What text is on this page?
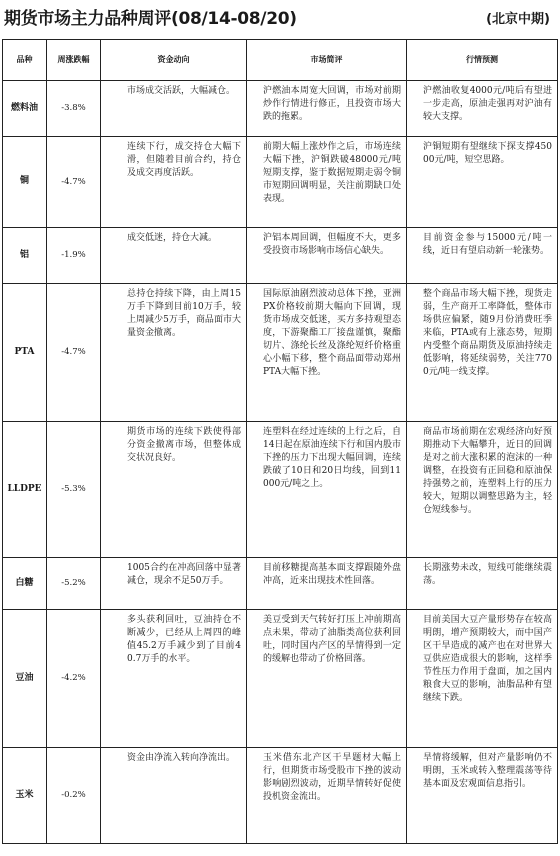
期货市场主力品种周评(08/14-08/20)	(北京中期)
品种	周涨跌幅	资金动向	市场简评	行情预测
燃料油	-3.8%	市场成交活跃，大幅减仓。	沪燃油本周宽大回调，市场对前期炒作行情进行修正，且投资市场大跌的拖累。	沪燃油收复4000元/吨后有望进一步走高，原油走强再对沪油有较大支撑。

铜	-4.7%	连续下行，成交持仓大幅下滑，但随着目前合约，持仓及成交再度活跃。	前期大幅上涨炒作之后，市场连续大幅下挫，沪铜跌破48000元/吨短期支撑，鉴于数据短期走弱令铜市短期回调明显，关注前期缺口处表现。	沪铜短期有望继续下探支撑45000元/吨，短空思路。

铝	-1.9%	成交低迷，持仓大减。	沪铝本周回调，但幅度不大，更多受投资市场影响市场信心缺失。	目前资金参与15000元/吨一线，近日有望启动新一轮涨势。

PTA	-4.7%	总持仓持续下降，由上周15万手下降到目前10万手，较上周减少5万手，商品面市大量资金撤离。	国际原油剧烈波动总体下挫，亚洲PX价格较前期大幅向下回调，现货市场成交低迷，买方多持观望态度，下游聚酯工厂接盘谨慎，聚酯切片、涤纶长丝及涤纶短纤价格重心小幅下移，整个商品面带动郑州PTA大幅下挫。	整个商品市场大幅下挫，现货走弱，生产商开工率降低，整体市场供应偏紧，随9月份消费旺季来临，PTA或有上涨态势，短期内受整个商品期货及原油持续走低影响，将延续弱势，关注7700元/吨一线支撑。

LLDPE	-5.3%	期货市场的连续下跌使得部分资金撤离市场，但整体成交状况良好。	连塑料在经过连续的上行之后，自14日起在原油连续下行和国内股市下挫的压力下出现大幅回调，连续跌破了10日和20日均线，回到11000元/吨之上。	商品市场前期在宏观经济向好预期推动下大幅攀升，近日的回调是对之前大涨积累的泡沫的一种调整，在投资有正回稳和原油保持强势之前，连塑料上行的压力较大，短期以调整思路为主，轻仓短线参与。

白糖	-5.2%	1005合约在冲高回落中显著减仓，现余不足50万手。	目前移糖提高基本面支撑跟随外盘冲高，近来出现技术性回落。	长期涨势未改，短线可能继续震荡。

豆油	-4.2%	多头获利回吐，豆油持仓不断减少，已经从上周四的峰值45.2万手减少到了目前40.7万手的水平。	美豆受到天气转好打压上冲前期高点未果，带动了油脂类高位获利回吐，同时国内产区的旱情得到一定的缓解也带动了价格回落。	目前美国大豆产量形势存在较高明朗，增产预期较大，而中国产区干旱造成的减产也在对世界大豆供应造成很大的影响，这样季节性压力作用于盘面，加之国内粮食大豆的影响，油脂品种有望继续下跌。

玉米	-0.2%	资金由净流入转向净流出。	玉米借东北产区干旱题材大幅上行，但期货市场受股市下挫的波动影响剧烈波动，近期旱情转好促使投机资金流出。	旱情将缓解，但对产量影响仍不明朗，玉米或转入整理震荡等待基本面及宏观面信息指引。
